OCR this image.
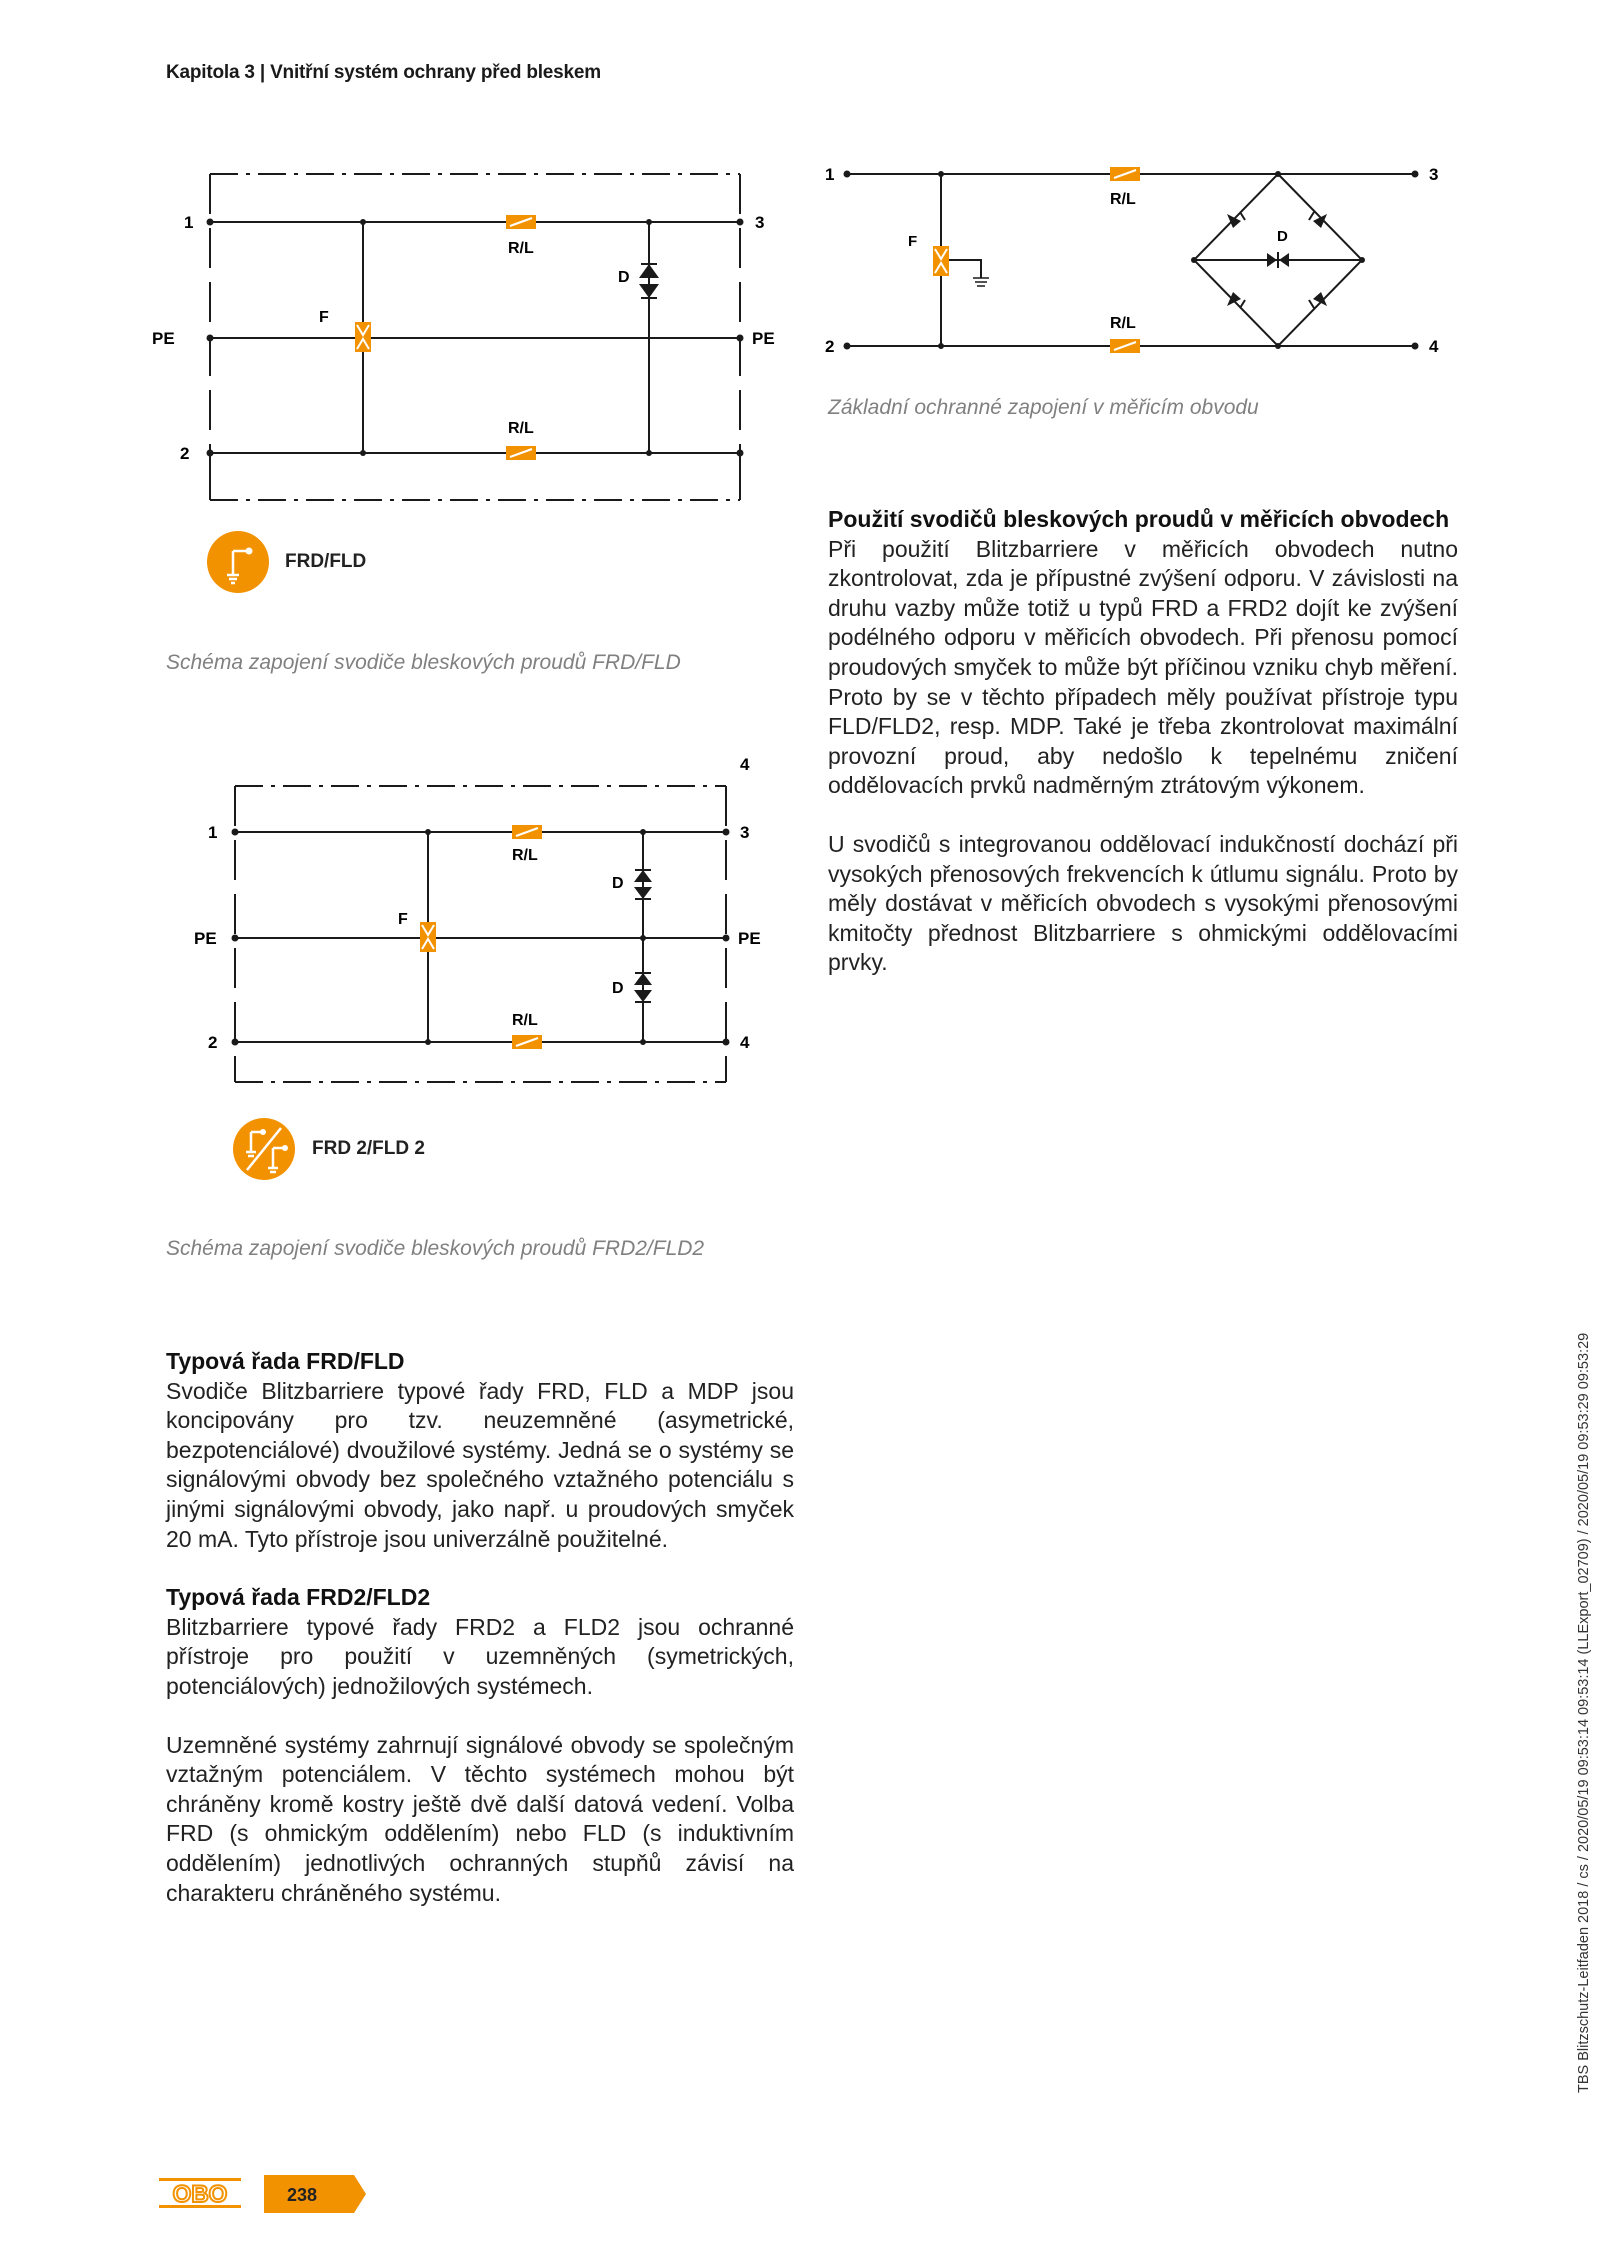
Kapitola 3 | Vnitřní systém ochrany před bleskem
1
PE
2
3
PE
F
R/L
R/L
D
FRD/FLD
Schéma zapojení svodiče bleskových proudů FRD/FLD
1
PE
2
3
4
PE
4
F
R/L
R/L
D
D
FRD 2/FLD 2
Schéma zapojení svodiče bleskových proudů FRD2/FLD2
Typová řada FRD/FLD
Svodiče Blitzbarriere typové řady FRD, FLD a MDP jsou koncipovány pro tzv. neuzemněné (asymetrické, bezpotenciálové) dvoužilové systémy. Jedná se o systémy se signálovými obvody bez společného vztažného potenciálu s jinými signálovými obvody, jako např. u proudových smyček 20 mA. Tyto přístroje jsou univerzálně použitelné.
Typová řada FRD2/FLD2
Blitzbarriere typové řady FRD2 a FLD2 jsou ochranné přístroje pro použití v uzemněných (symetrických, potenciálových) jednožilových systémech.
Uzemněné systémy zahrnují signálové obvody se společným vztažným potenciálem. V těchto systémech mohou být chráněny kromě kostry ještě dvě další datová vedení. Volba FRD (s ohmickým oddělením) nebo FLD (s induktivním oddělením) jednotlivých ochranných stupňů závisí na charakteru chráněného systému.
1
2
3
4
F
R/L
R/L
D
Základní ochranné zapojení v měřicím obvodu
Použití svodičů bleskových proudů v měřicích obvodech
Při použití Blitzbarriere v měřicích obvodech nutno zkontrolovat, zda je přípustné zvýšení odporu. V závislosti na druhu vazby může totiž u typů FRD a FRD2 dojít ke zvýšení podélného odporu v měřicích obvodech. Při přenosu pomocí proudových smyček to může být příčinou vzniku chyb měření. Proto by se v těchto případech měly používat přístroje typu FLD/FLD2, resp. MDP. Také je třeba zkontrolovat maximální provozní proud, aby nedošlo k tepelnému zničení oddělovacích prvků nadměrným ztrátovým výkonem.
U svodičů s integrovanou oddělovací indukčností dochází při vysokých přenosových frekvencích k útlumu signálu. Proto by měly dostávat v měřicích obvodech s vysokými přenosovými kmitočty přednost Blitzbarriere s ohmickými oddělovacími prvky.
TBS Blitzschutz-Leitfaden 2018 / cs / 2020/05/19 09:53:14 09:53:14 (LLExport_02709) / 2020/05/19 09:53:29 09:53:29
OBO	238
